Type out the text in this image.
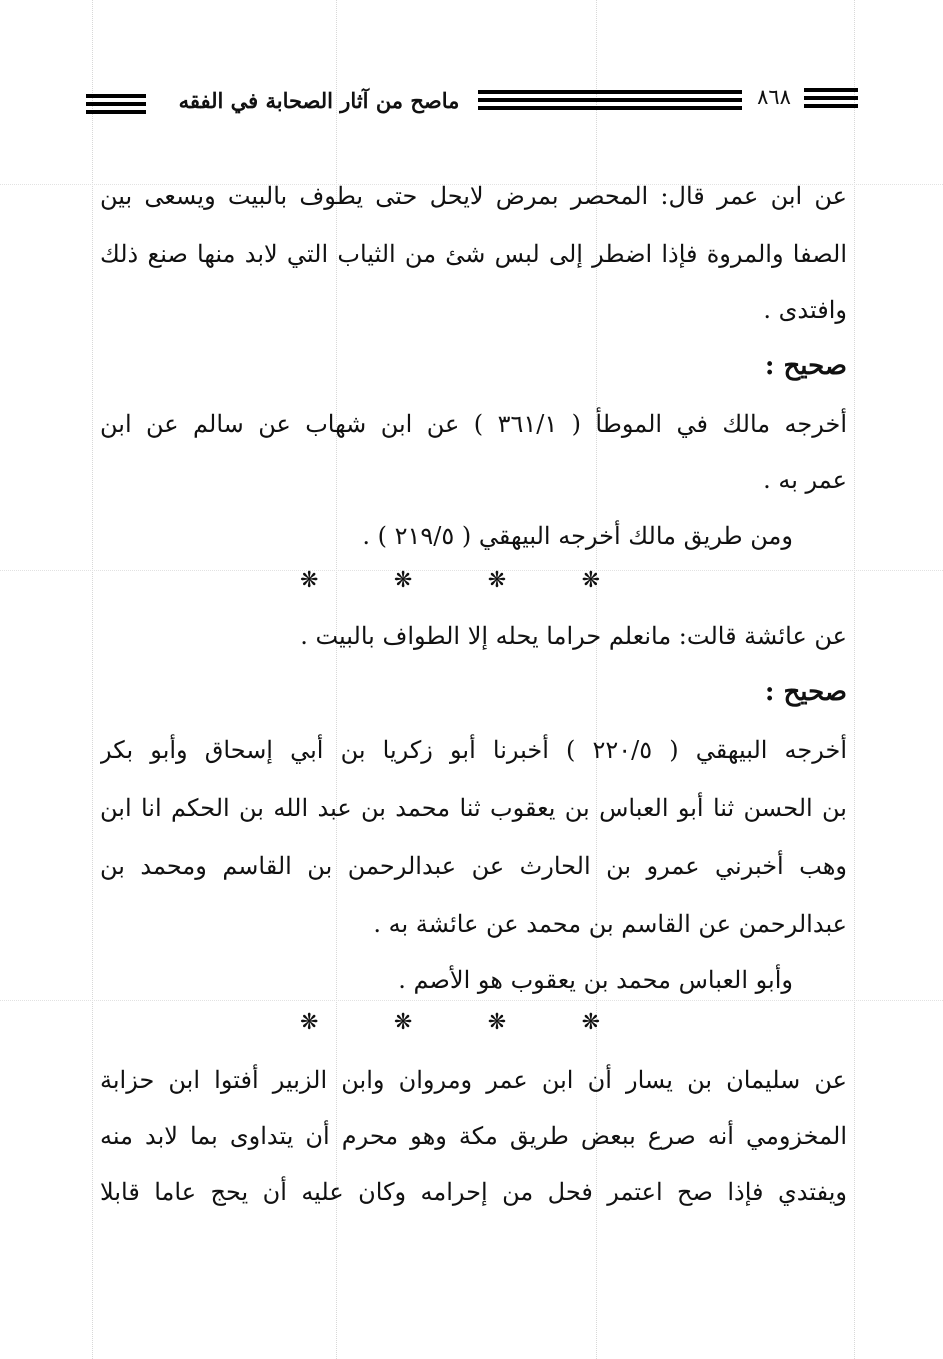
٨٦٨
ماصح من آثار الصحابة في الفقه
عن ابن عمر قال: المحصر بمرض لايحل حتى يطوف بالبيت ويسعى بين
الصفا والمروة فإذا اضطر إلى لبس شئ من الثياب التي لابد منها صنع ذلك
وافتدى .
صحيح :
أخرجه مالك في الموطأ ( ٣٦١/١ ) عن ابن شهاب عن سالم عن ابن
عمر به .
ومن طريق مالك أخرجه البيهقي ( ٢١٩/٥ ) .
❋
❋
❋
❋
عن عائشة قالت: مانعلم حراما يحله إلا الطواف بالبيت .
صحيح :
أخرجه البيهقي ( ٢٢٠/٥ ) أخبرنا أبو زكريا بن أبي إسحاق وأبو بكر
بن الحسن ثنا أبو العباس بن يعقوب ثنا محمد بن عبد الله بن الحكم انا ابن
وهب أخبرني عمرو بن الحارث عن عبدالرحمن بن القاسم ومحمد بن
عبدالرحمن عن القاسم بن محمد عن عائشة به .
وأبو العباس محمد بن يعقوب هو الأصم .
❋
❋
❋
❋
عن سليمان بن يسار أن ابن عمر ومروان وابن الزبير أفتوا ابن حزابة
المخزومي أنه صرع ببعض طريق مكة وهو محرم أن يتداوى بما لابد منه
ويفتدي فإذا صح اعتمر فحل من إحرامه وكان عليه أن يحج عاما قابلا
